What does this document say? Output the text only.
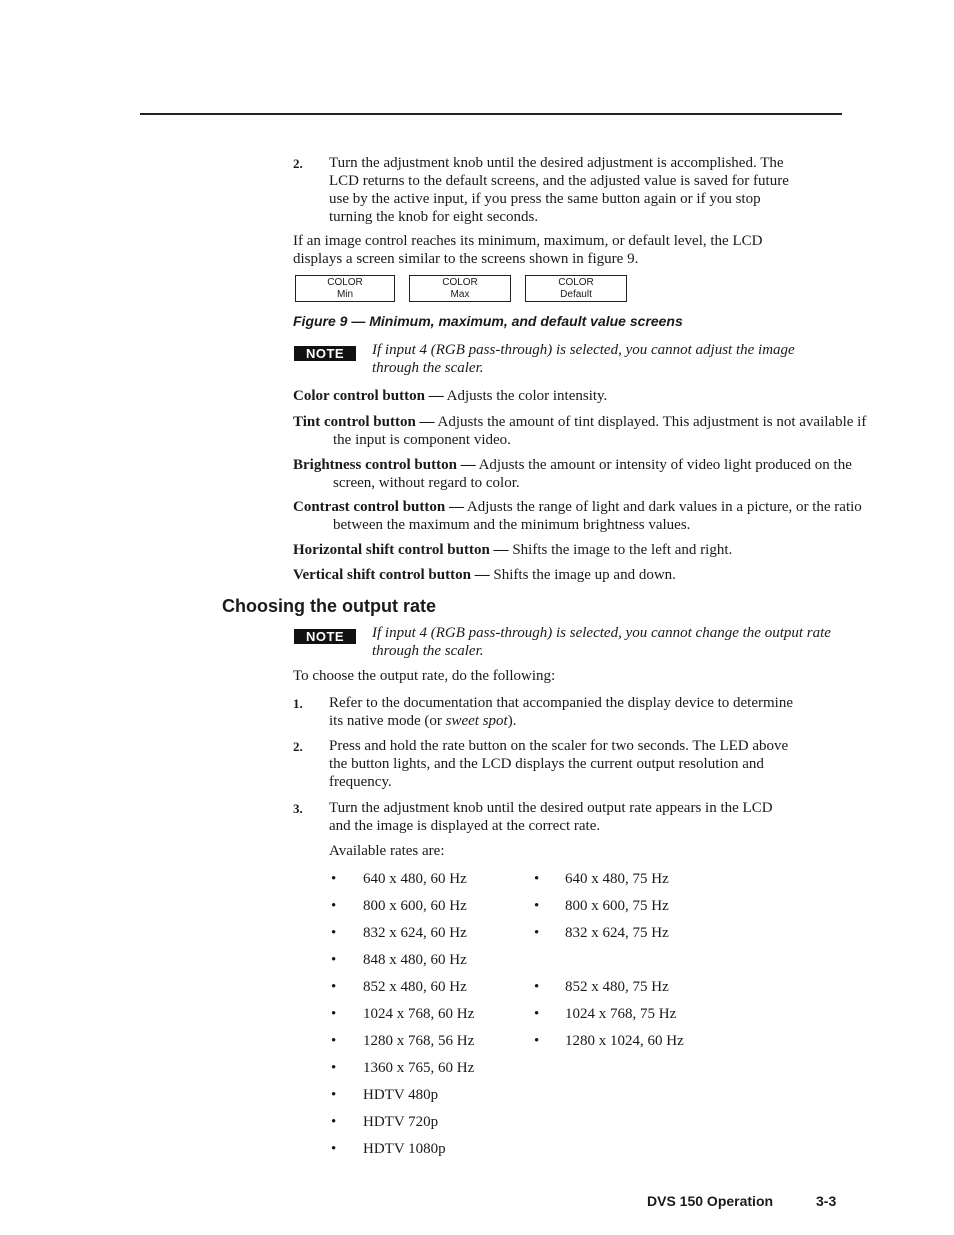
2. Turn the adjustment knob until the desired adjustment is accomplished. The
LCD returns to the default screens, and the adjusted value is saved for future
use by the active input, if you press the same button again or if you stop
turning the knob for eight seconds.
If an image control reaches its minimum, maximum, or default level, the LCD
displays a screen similar to the screens shown in figure 9.
COLOR
Min
COLOR
Max
COLOR
Default
Figure 9 — Minimum, maximum, and default value screens
NOTE	If input 4 (RGB pass-through) is selected, you cannot adjust the image
through the scaler.
Color control button — Adjusts the color intensity.
Tint control button — Adjusts the amount of tint displayed. This adjustment is not available if the input is component video.
Brightness control button — Adjusts the amount or intensity of video light produced on the screen, without regard to color.
Contrast control button — Adjusts the range of light and dark values in a picture, or the ratio between the maximum and the minimum brightness values.
Horizontal shift control button — Shifts the image to the left and right.
Vertical shift control button — Shifts the image up and down.
Choosing the output rate
NOTE	If input 4 (RGB pass-through) is selected, you cannot change the output rate
through the scaler.
To choose the output rate, do the following:
1. Refer to the documentation that accompanied the display device to determine
its native mode (or sweet spot).
2. Press and hold the rate button on the scaler for two seconds. The LED above
the button lights, and the LCD displays the current output resolution and
frequency.
3. Turn the adjustment knob until the desired output rate appears in the LCD
and the image is displayed at the correct rate.
Available rates are:
• 640 x 480, 60 Hz
• 800 x 600, 60 Hz
• 832 x 624, 60 Hz
• 848 x 480, 60 Hz
• 852 x 480, 60 Hz
• 1024 x 768, 60 Hz
• 1280 x 768, 56 Hz
• 1360 x 765, 60 Hz
• HDTV 480p
• HDTV 720p
• HDTV 1080p
• 640 x 480, 75 Hz
• 800 x 600, 75 Hz
• 832 x 624, 75 Hz
• 852 x 480, 75 Hz
• 1024 x 768, 75 Hz
• 1280 x 1024, 60 Hz
DVS 150 Operation	3-3
